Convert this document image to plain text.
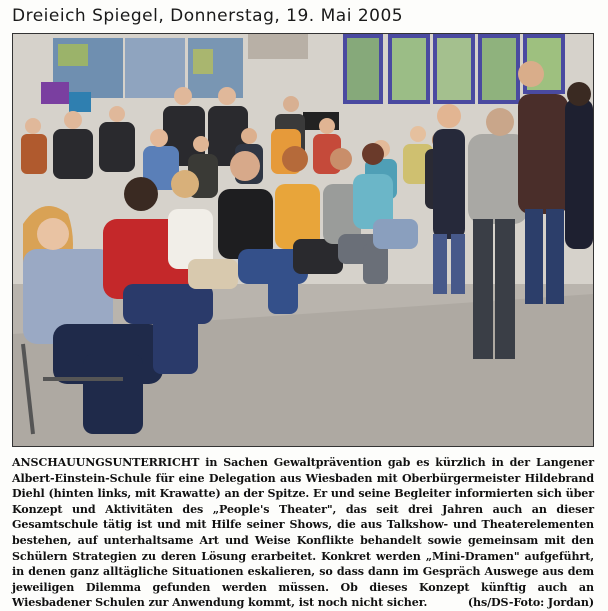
Dreieich Spiegel, Donnerstag, 19. Mai 2005
ANSCHAUUNGSUNTERRICHT in Sachen Gewaltprävention gab es kürzlich in der Langener Albert-Einstein-Schule für eine Delegation aus Wiesbaden mit Oberbürgermeister Hildebrand Diehl (hinten links, mit Krawatte) an der Spitze. Er und seine Begleiter informierten sich über Konzept und Aktivitäten des „People's Theater", das seit drei Jahren auch an dieser Gesamtschule tätig ist und mit Hilfe seiner Shows, die aus Talkshow- und Theaterelementen bestehen, auf unterhaltsame Art und Weise Konflikte behandelt sowie gemeinsam mit den Schülern Strategien zu deren Lösung erarbeitet. Konkret werden „Mini-Dramen" aufgeführt, in denen ganz alltägliche Situationen eskalieren, so dass dann im Gespräch Auswege aus dem jeweiligen Dilemma gefunden werden müssen. Ob dieses Konzept künftig auch an Wiesbadener Schulen zur Anwendung kommt, ist noch nicht sicher.	(hs/DS-Foto: Jordan)
